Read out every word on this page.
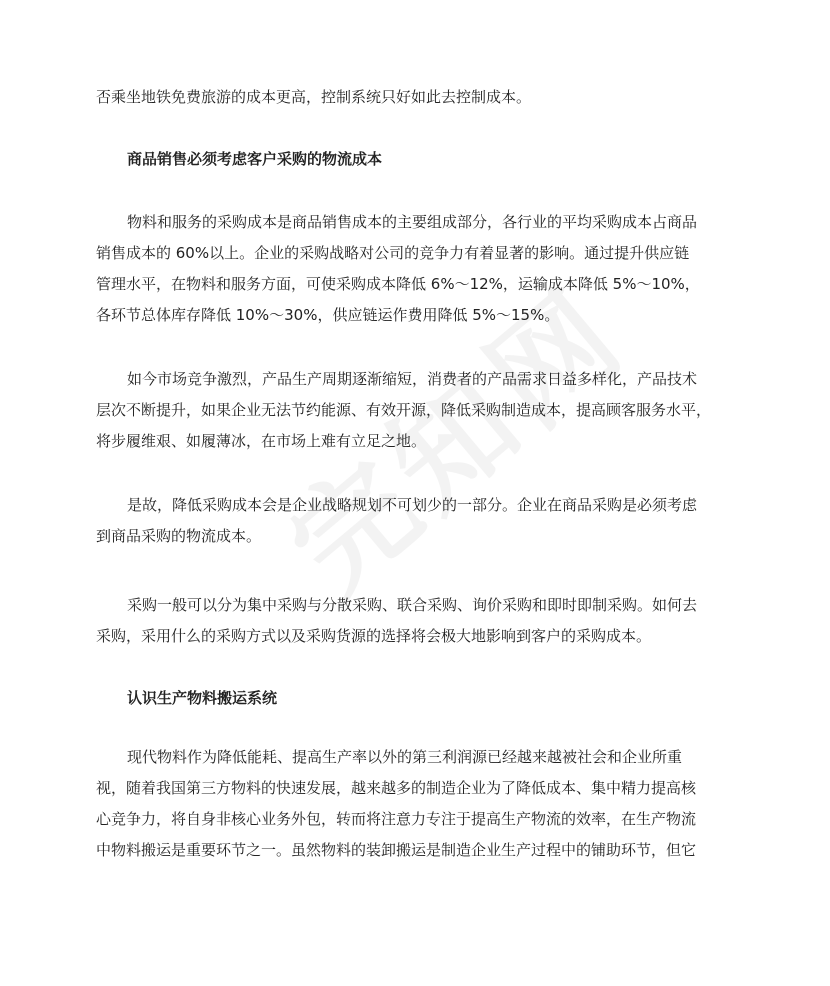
否乘坐地铁免费旅游的成本更高，控制系统只好如此去控制成本。

商品销售必须考虑客户采购的物流成本

物料和服务的采购成本是商品销售成本的主要组成部分，各行业的平均采购成本占商品

销售成本的 60%以上。企业的采购战略对公司的竞争力有着显著的影响。通过提升供应链

管理水平，在物料和服务方面，可使采购成本降低 6%～12%，运输成本降低 5%～10%，

各环节总体库存降低 10%～30%，供应链运作费用降低 5%～15%。

如今市场竞争激烈，产品生产周期逐渐缩短，消费者的产品需求日益多样化，产品技术

层次不断提升，如果企业无法节约能源、有效开源，降低采购制造成本，提高顾客服务水平，

将步履维艰、如履薄冰，在市场上难有立足之地。

是故，降低采购成本会是企业战略规划不可划少的一部分。企业在商品采购是必须考虑

到商品采购的物流成本。

采购一般可以分为集中采购与分散采购、联合采购、询价采购和即时即制采购。如何去

采购，采用什么的采购方式以及采购货源的选择将会极大地影响到客户的采购成本。

认识生产物料搬运系统

现代物料作为降低能耗、提高生产率以外的第三利润源已经越来越被社会和企业所重

视，随着我国第三方物料的快速发展，越来越多的制造企业为了降低成本、集中精力提高核

心竞争力，将自身非核心业务外包，转而将注意力专注于提高生产物流的效率，在生产物流

中物料搬运是重要环节之一。虽然物料的装卸搬运是制造企业生产过程中的铺助环节，但它
